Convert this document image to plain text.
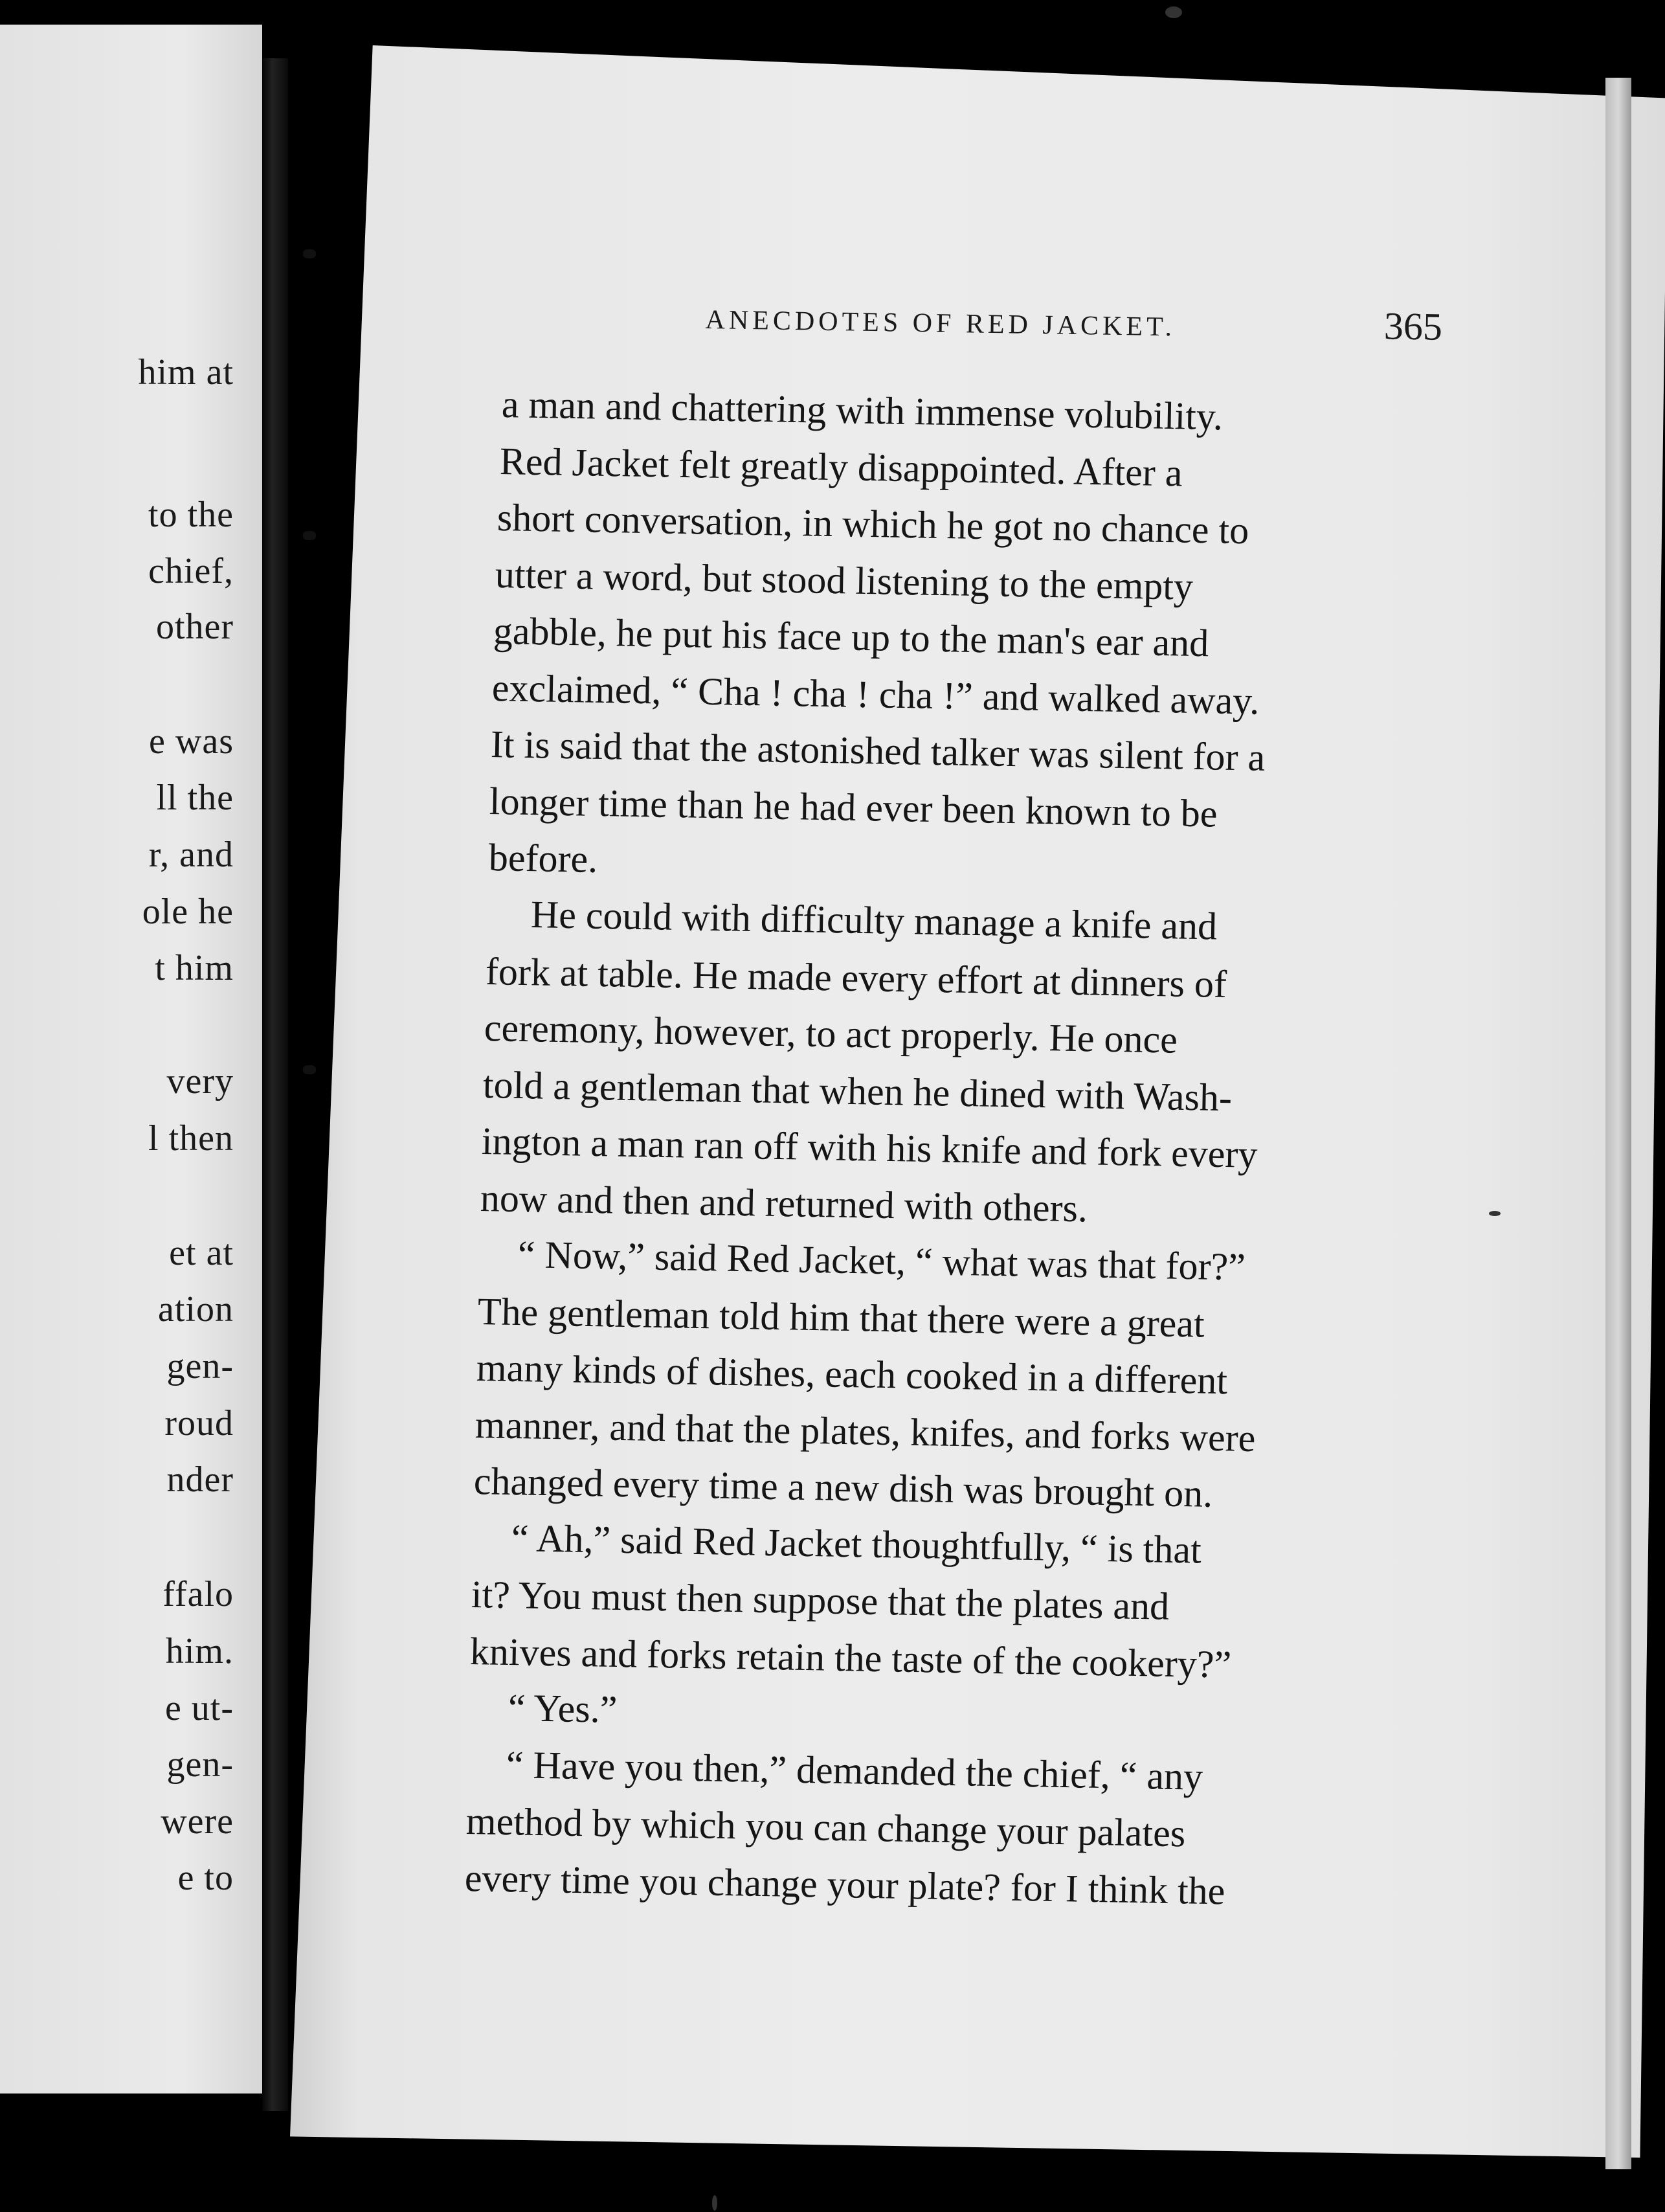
him at
to the
chief,
other
e was
ll the
r, and
ole he
t him
very
l then
et at
ation
gen-
roud
nder
ffalo
him.
e ut-
gen-
were
e to
ANECDOTES OF RED JACKET.	365
a man and chattering with immense volubility.
Red Jacket felt greatly disappointed. After a
short conversation, in which he got no chance to
utter a word, but stood listening to the empty
gabble, he put his face up to the man's ear and
exclaimed, “ Cha ! cha ! cha !” and walked away.
It is said that the astonished talker was silent for a
longer time than he had ever been known to be
before.
He could with difficulty manage a knife and
fork at table. He made every effort at dinners of
ceremony, however, to act properly. He once
told a gentleman that when he dined with Wash-
ington a man ran off with his knife and fork every
now and then and returned with others.
“ Now,” said Red Jacket, “ what was that for?”
The gentleman told him that there were a great
many kinds of dishes, each cooked in a different
manner, and that the plates, knifes, and forks were
changed every time a new dish was brought on.
“ Ah,” said Red Jacket thoughtfully, “ is that
it? You must then suppose that the plates and
knives and forks retain the taste of the cookery?”
“ Yes.”
“ Have you then,” demanded the chief, “ any
method by which you can change your palates
every time you change your plate? for I think the
